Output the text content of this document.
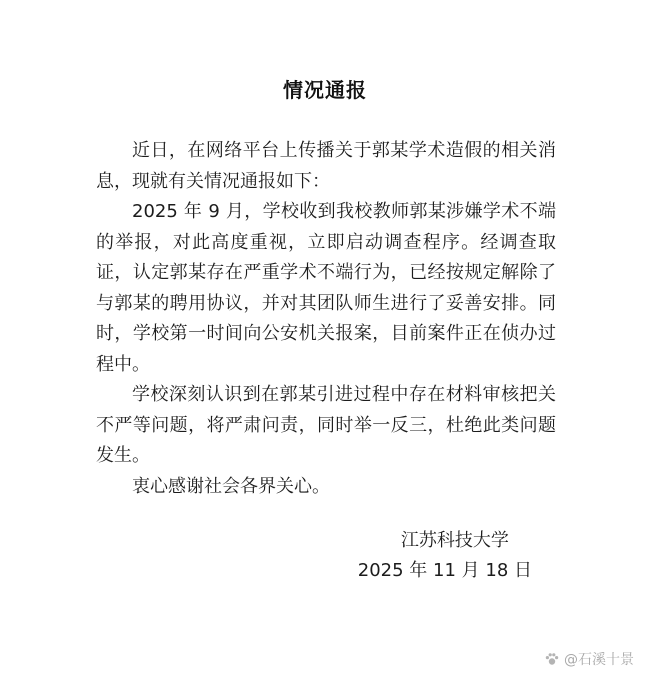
情况通报

近日，在网络平台上传播关于郭某学术造假的相关消息，现就有关情况通报如下：

2025 年 9 月，学校收到我校教师郭某涉嫌学术不端的举报，对此高度重视，立即启动调查程序。经调查取证，认定郭某存在严重学术不端行为，已经按规定解除了与郭某的聘用协议，并对其团队师生进行了妥善安排。同时，学校第一时间向公安机关报案，目前案件正在侦办过程中。

学校深刻认识到在郭某引进过程中存在材料审核把关不严等问题，将严肃问责，同时举一反三，杜绝此类问题发生。

衷心感谢社会各界关心。

江苏科技大学
2025 年 11 月 18 日
@石溪十景
